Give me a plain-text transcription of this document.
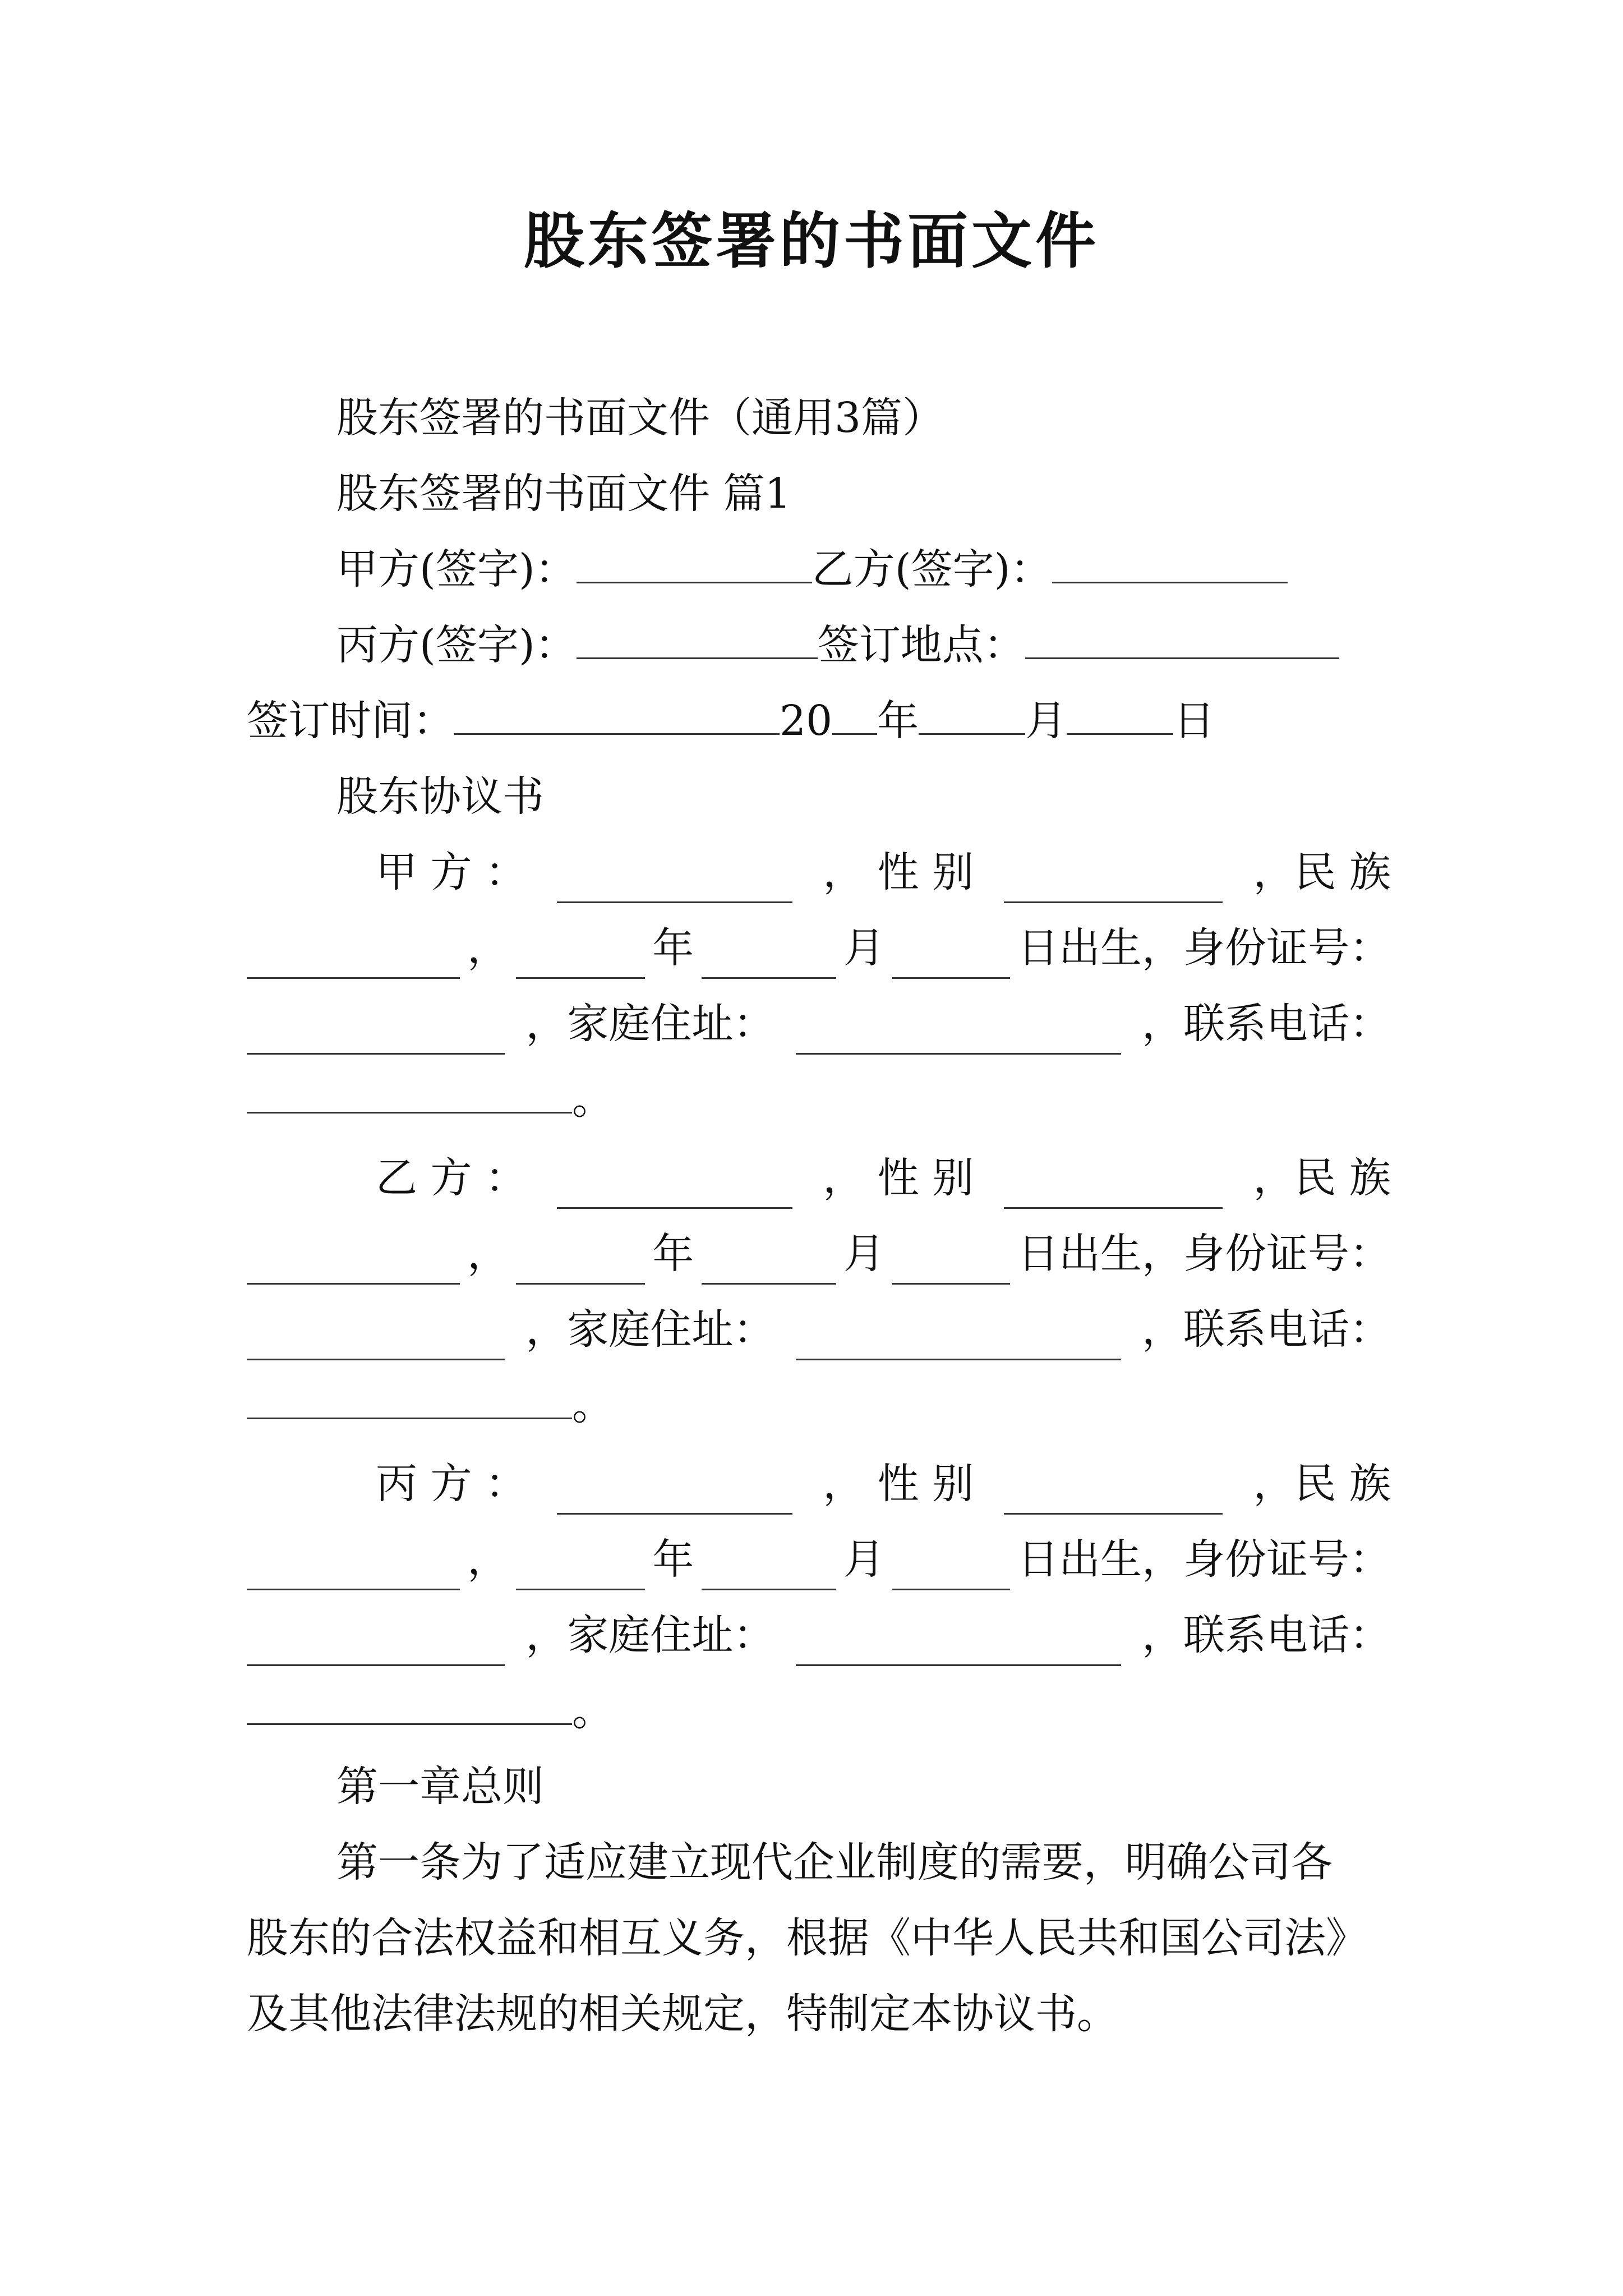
股东签署的书面文件
股东签署的书面文件（通用3篇）
股东签署的书面文件 篇1
甲方(签字)：	乙方(签字)：
丙方(签字)：	签订地点：
签订时间：	20 年	月	日
股东协议书
甲 方 ：	， 性 别	，民 族
，	年	月	日出生，身份证号：
，家庭住址：	，联系电话：
。
乙 方 ：	， 性 别	，民 族
，	年	月	日出生，身份证号：
，家庭住址：	，联系电话：
。
丙 方 ：	， 性 别	，民 族
，	年	月	日出生，身份证号：
，家庭住址：	，联系电话：
。
第一章总则
第一条为了适应建立现代企业制度的需要，明确公司各
股东的合法权益和相互义务，根据《中华人民共和国公司法》
及其他法律法规的相关规定，特制定本协议书。
